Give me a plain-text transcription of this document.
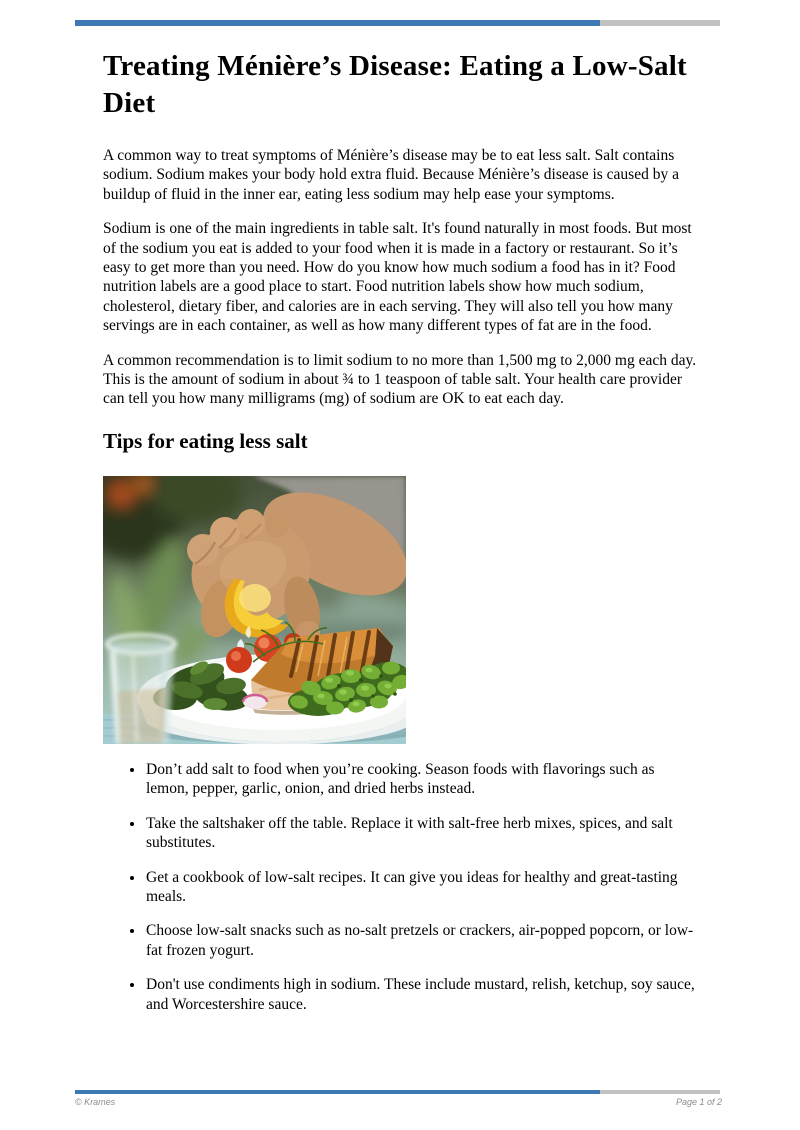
Treating Ménière’s Disease: Eating a Low-Salt Diet

A common way to treat symptoms of Ménière’s disease may be to eat less salt. Salt contains sodium. Sodium makes your body hold extra fluid. Because Ménière’s disease is caused by a buildup of fluid in the inner ear, eating less sodium may help ease your symptoms.

Sodium is one of the main ingredients in table salt. It's found naturally in most foods. But most of the sodium you eat is added to your food when it is made in a factory or restaurant. So it’s easy to get more than you need. How do you know how much sodium a food has in it? Food nutrition labels are a good place to start. Food nutrition labels show how much sodium, cholesterol, dietary fiber, and calories are in each serving. They will also tell you how many servings are in each container, as well as how many different types of fat are in the food.

A common recommendation is to limit sodium to no more than 1,500 mg to 2,000 mg each day. This is the amount of sodium in about ¾ to 1 teaspoon of table salt. Your health care provider can tell you how many milligrams (mg) of sodium are OK to eat each day.

Tips for eating less salt
• Don’t add salt to food when you’re cooking. Season foods with flavorings such as lemon, pepper, garlic, onion, and dried herbs instead.
• Take the saltshaker off the table. Replace it with salt-free herb mixes, spices, and salt substitutes.
• Get a cookbook of low-salt recipes. It can give you ideas for healthy and great-tasting meals.
• Choose low-salt snacks such as no-salt pretzels or crackers, air-popped popcorn, or low-fat frozen yogurt.
• Don't use condiments high in sodium. These include mustard, relish, ketchup, soy sauce, and Worcestershire sauce.
© Krames	Page 1 of 2
